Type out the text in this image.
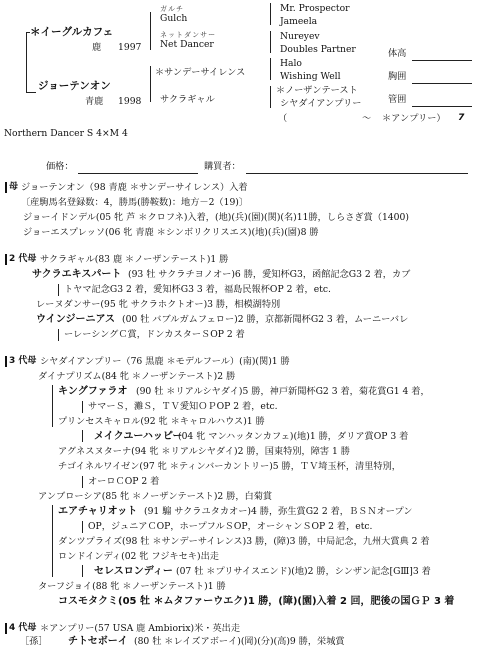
＊イーグルカフェ
鹿 1997
ジョーテンオン
青鹿 1998
ガルチ
Gulch
ネットダンサー
Net Dancer
＊サンデーサイレンス
サクラギャル
Mr. Prospector
Jameela
Nureyev
Doubles Partner
Halo
Wishing Well
＊ノーザンテースト
シヤダイアンプリー
（	～ ＊アンプリー） 7
体高
胸囲
管囲
Northern Dancer S 4×M 4
価格：	購買者：
母 ジョーテンオン（98 青鹿 ＊サンデーサイレンス）入着
〔産駒馬名登録数：4，勝馬(勝鞍数)：地方－2（19)〕
ジョーイドンデル(05 牝 芦 ＊クロフネ)入着，(地)(兵)(園)(関)(名)11勝，しらさぎ賞（1400)
ジョーエスプレッソ(06 牝 青鹿 ＊シンボリクリスエス)(地)(兵)(園)8 勝
2 代母 サクラギャル(83 鹿 ＊ノーザンテースト)1 勝
サクラエキスパート (93 牡 サクラチヨノオー)6 勝，愛知杯G3，函館記念G3 2 着，カブ
トヤマ記念G3 2 着，愛知杯G3 3 着，福島民報杯OP 2 着，etc.
レーヌダンサー(95 牝 サクラホクトオー)3 勝，相模湖特別
ウインジーニアス (00 牡 バブルガムフェロー)2 勝，京都新聞杯G2 3 着，ムーニーバレ
ーレーシングＣ賞，ドンカスターＳOP 2 着
3 代母 シヤダイアンプリー（76 黒鹿 ＊モデルフール）(南)(関)1 勝
ダイナプリズム(84 牝 ＊ノーザンテースト)2 勝
キングファラオ (90 牡 ＊リアルシヤダイ)5 勝，神戸新聞杯G2 3 着，菊花賞G1 4 着，
サマーＳ，灘Ｓ，ＴＶ愛知ＯＰOP 2 着，etc.
プリンセスキャロル(92 牝 ＊キャロルハウス)1 勝
メイクユーハッピー
(04 牝 マンハッタンカフェ)(地)1 勝，ダリア賞OP 3 着
アグネスヌターナ(94 牝 ＊リアルシヤダイ)2 勝，国東特別，障害 1 勝
チゴイネルワイゼン(97 牝 ＊ティンバーカントリー)5 勝，ＴＶ埼玉杯，清里特別，
オーロＣOP 2 着
アンブローシア(85 牝 ＊ノーザンテースト)2 勝，白菊賞
エアチャリオット (91 騸 サクラユタカオー)4 勝，弥生賞G2 2 着，ＢＳＮオープン
OP，ジュニアＣOP，ホープフルＳOP，オーシャンＳOP 2 着，etc.
ダンツプライズ(98 牡 ＊サンデーサイレンス)3 勝，(障)3 勝，中局記念，九州大賞典 2 着
ロンドインディ(02 牝 フジキセキ)出走
セレスロンディー (07 牡 ＊プリサイスエンド)(地)2 勝，シンザン記念[GⅢ]3 着
ターフジョイ(88 牝 ＊ノーザンテースト)1 勝
コスモタクミ(05 牡 ＊ムタファーウエク)1 勝，(障)(園)入着 2 回，肥後の国ＧＰ 3 着
4 代母 ＊アンプリー(57 USA 鹿 Ambiorix)米・英出走
［孫］ チトセボーイ (80 牡 ＊レイズアボーイ)(岡)(分)(高)9 勝，栄城賞
